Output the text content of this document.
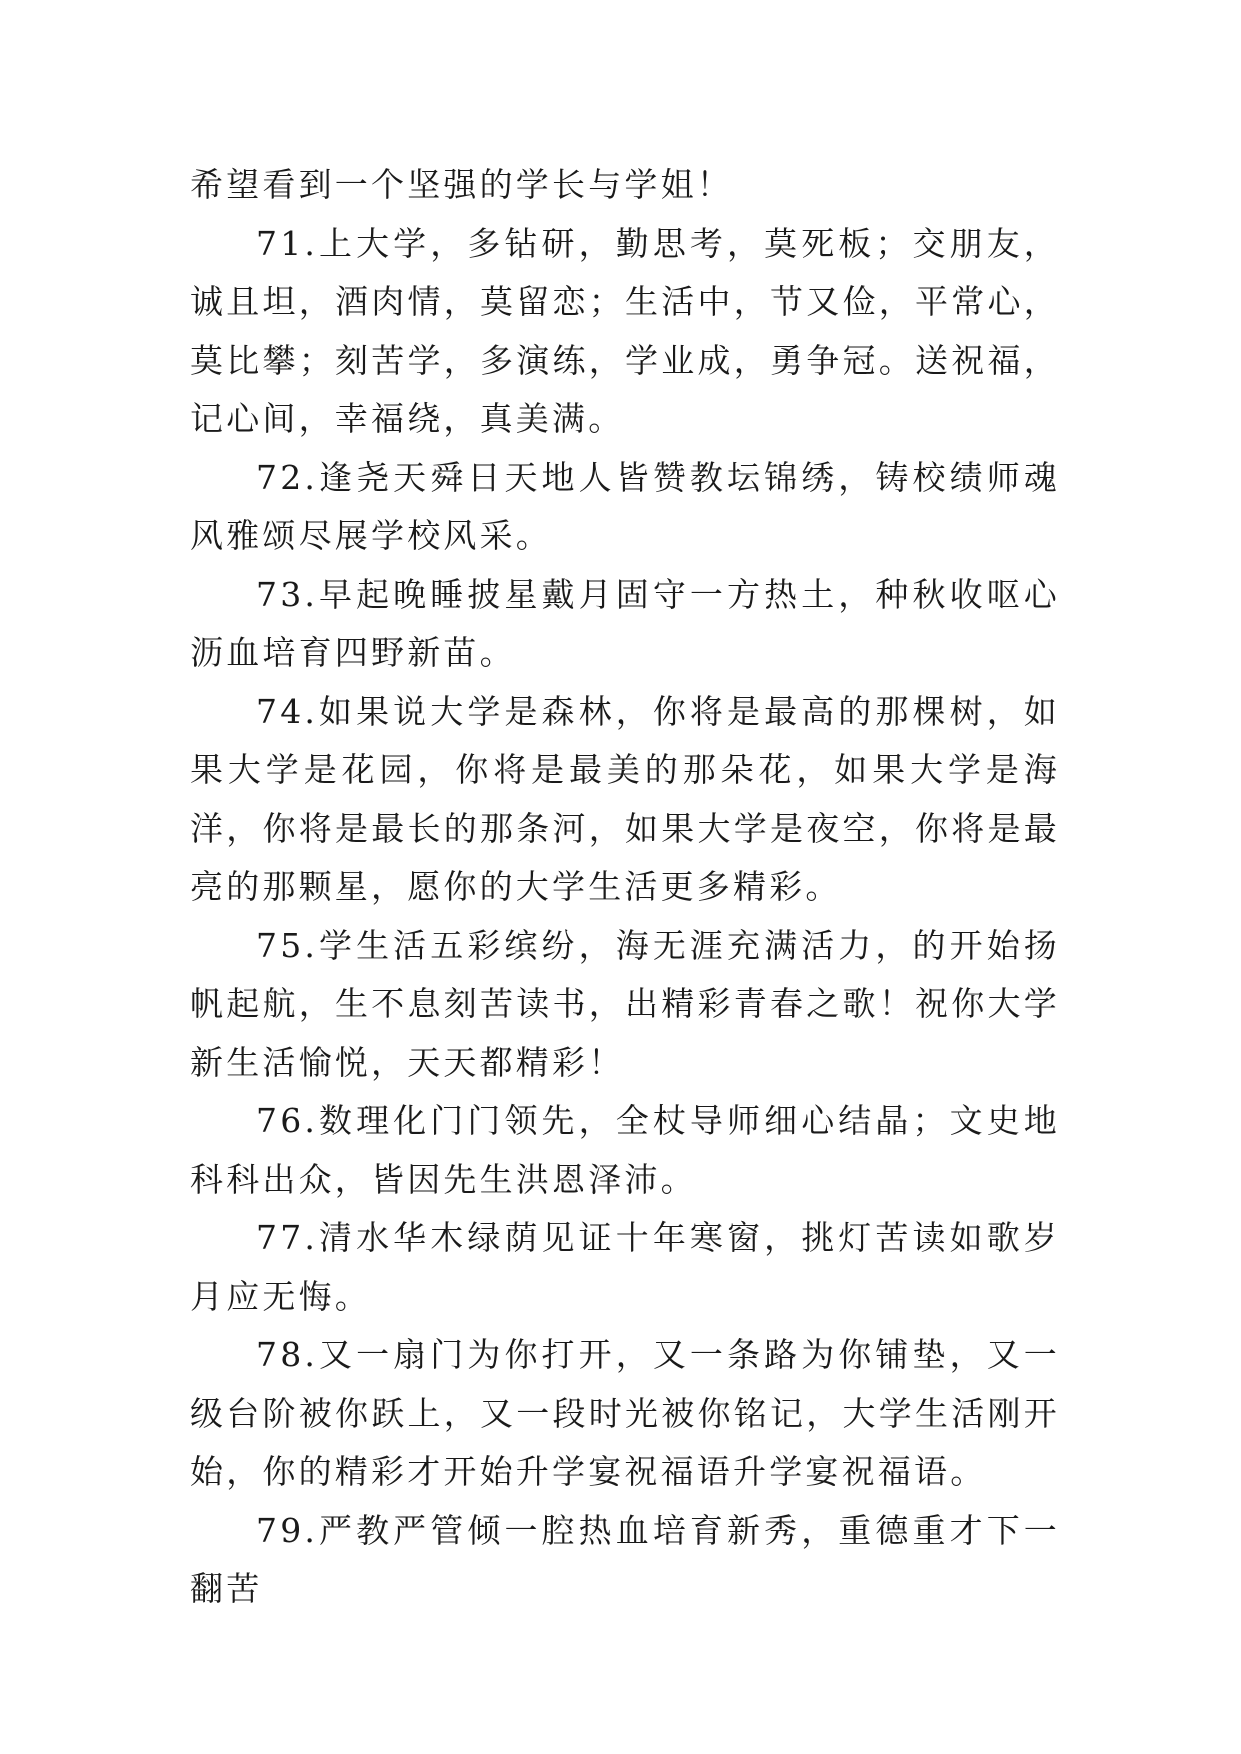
希望看到一个坚强的学长与学姐！

71.上大学，多钻研，勤思考，莫死板；交朋友，诚且坦，酒肉情，莫留恋；生活中，节又俭，平常心，莫比攀；刻苦学，多演练，学业成，勇争冠。送祝福，记心间，幸福绕，真美满。

72.逢尧天舜日天地人皆赞教坛锦绣，铸校绩师魂风雅颂尽展学校风采。

73.早起晚睡披星戴月固守一方热土，种秋收呕心沥血培育四野新苗。

74.如果说大学是森林，你将是最高的那棵树，如果大学是花园，你将是最美的那朵花，如果大学是海洋，你将是最长的那条河，如果大学是夜空，你将是最亮的那颗星，愿你的大学生活更多精彩。

75.学生活五彩缤纷，海无涯充满活力，的开始扬帆起航，生不息刻苦读书，出精彩青春之歌！祝你大学新生活愉悦，天天都精彩！

76.数理化门门领先，全杖导师细心结晶；文史地科科出众，皆因先生洪恩泽沛。

77.清水华木绿荫见证十年寒窗，挑灯苦读如歌岁月应无悔。

78.又一扇门为你打开，又一条路为你铺垫，又一级台阶被你跃上，又一段时光被你铭记，大学生活刚开始，你的精彩才开始升学宴祝福语升学宴祝福语。

79.严教严管倾一腔热血培育新秀，重德重才下一翻苦
